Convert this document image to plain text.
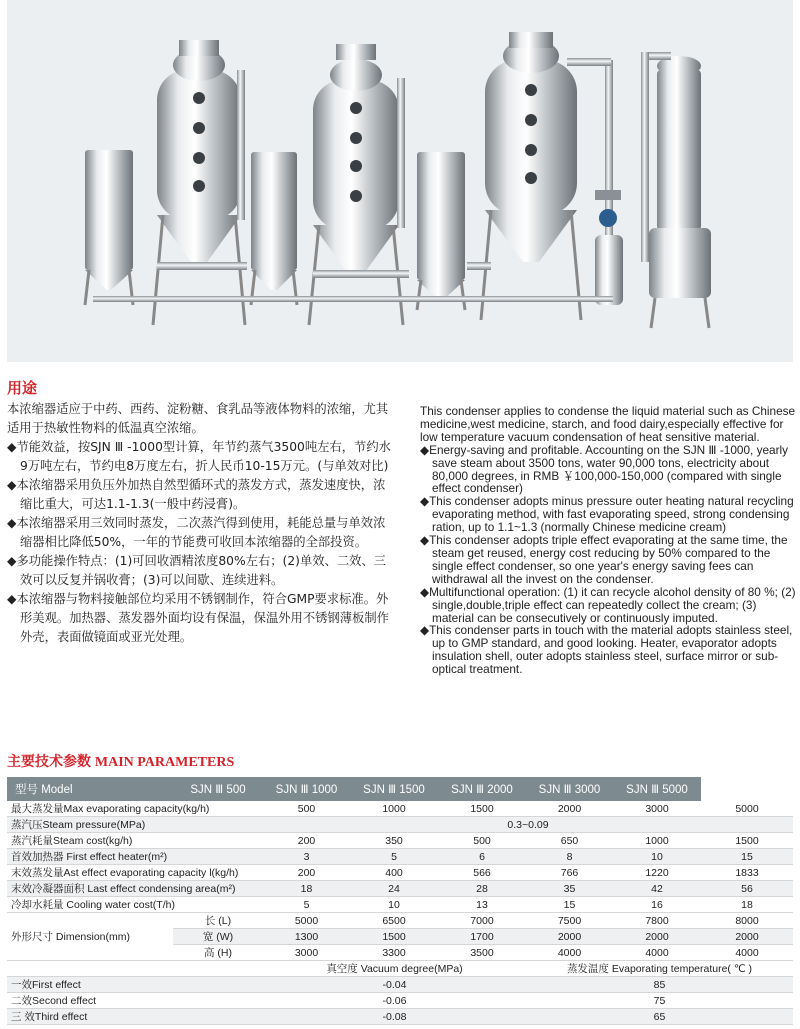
用途

本浓缩器适应于中药、西药、淀粉糖、食乳品等液体物料的浓缩，尤其适用于热敏性物料的低温真空浓缩。

◆节能效益，按SJN Ⅲ -1000型计算，年节约蒸气3500吨左右，节约水9万吨左右，节约电8万度左右，折人民币10-15万元。(与单效对比)

◆本浓缩器采用负压外加热自然型循环式的蒸发方式，蒸发速度快，浓缩比重大，可达1.1-1.3(一般中药浸膏)。

◆本浓缩器采用三效同时蒸发，二次蒸汽得到使用，耗能总量与单效浓缩器相比降低50%，一年的节能费可收回本浓缩器的全部投资。

◆多功能操作特点：(1)可回收酒精浓度80%左右；(2)单效、二效、三效可以反复并锅收膏；(3)可以间歇、连续进料。

◆本浓缩器与物料接触部位均采用不锈钢制作，符合GMP要求标准。外形美观。加热器、蒸发器外面均设有保温，保温外用不锈钢薄板制作外壳，表面做镜面或亚光处理。

This condenser applies to condense the liquid material such as Chinese medicine,west medicine, starch, and food dairy,especially effective for low temperature vacuum condensation of heat sensitive material.

◆Energy-saving and profitable. Accounting on the SJN Ⅲ -1000, yearly save steam about 3500 tons, water 90,000 tons, electricity about 80,000 degrees, in RMB ￥100,000-150,000 (compared with single effect condenser)

◆This condenser adopts minus pressure outer heating natural recycling evaporating method, with fast evaporating speed, strong condensing ration, up to 1.1~1.3 (normally Chinese medicine cream)

◆This condenser adopts triple effect evaporating at the same time, the steam get reused, energy cost reducing by 50% compared to the single effect condenser, so one year's energy saving fees can withdrawal all the invest on the condenser.

◆Multifunctional operation: (1) it can recycle alcohol density of 80 %; (2) single,double,triple effect can repeatedly collect the cream; (3) material can be consecutively or continuously imputed.

◆This condenser parts in touch with the material adopts stainless steel, up to GMP standard, and good looking. Heater, evaporator adopts insulation shell, outer adopts stainless steel, surface mirror or sub-optical treatment.

主要技术参数 MAIN PARAMETERS
型号 Model	SJN Ⅲ 500	SJN Ⅲ 1000	SJN Ⅲ 1500	SJN Ⅲ 2000	SJN Ⅲ 3000	SJN Ⅲ 5000	
最大蒸发量Max evaporating capacity(kg/h)		500	1000	1500	2000	3000	5000
蒸汽压Steam pressure(MPa)		0.3~0.09					
蒸汽耗量Steam cost(kg/h)		200	350	500	650	1000	1500
首效加热器 First effect heater(m²)		3	5	6	8	10	15
末效蒸发量Ast effect evaporating capacity l(kg/h)		200	400	566	766	1220	1833
末效冷凝器面积 Last effect condensing area(m²)		18	24	28	35	42	56
冷却水耗量 Cooling water cost(T/h)		5	10	13	15	16	18
外形尺寸 Dimension(mm)	长 (L)	5000	6500	7000	7500	7800	8000
	宽 (W)	1300	1500	1700	2000	2000	2000
	高 (H)	3000	3300	3500	4000	4000	4000
		真空度 Vacuum degree(MPa)			蒸发温度 Evaporating temperature( ℃ )		
一效First effect		-0.04			85		
二效Second effect		-0.06			75		
三 效Third effect		-0.08			65		
